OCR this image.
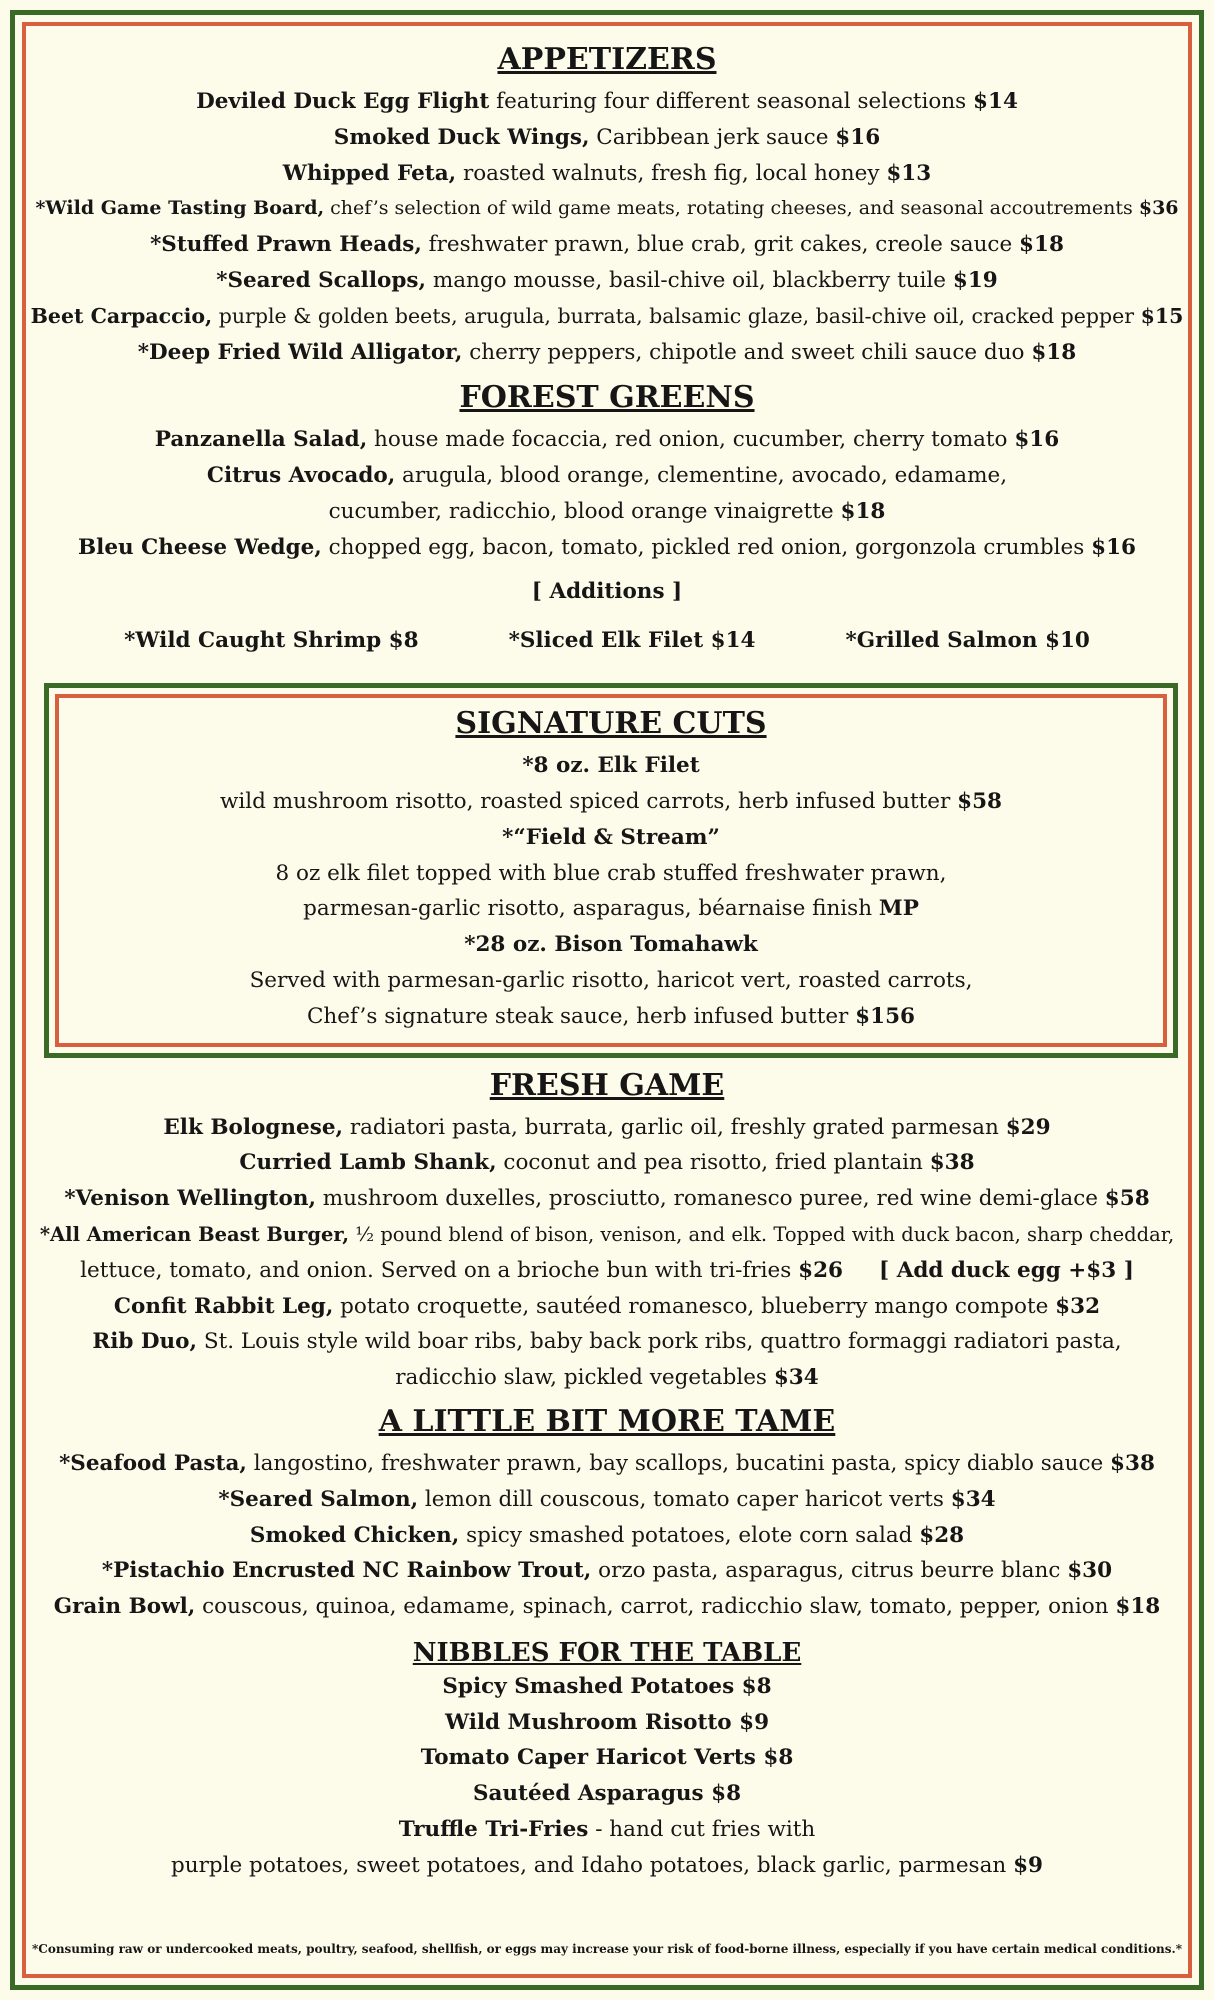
APPETIZERS
Deviled Duck Egg Flight featuring four different seasonal selections $14
Smoked Duck Wings, Caribbean jerk sauce $16
Whipped Feta, roasted walnuts, fresh fig, local honey $13
*Wild Game Tasting Board, chef’s selection of wild game meats, rotating cheeses, and seasonal accoutrements $36
*Stuffed Prawn Heads, freshwater prawn, blue crab, grit cakes, creole sauce $18
*Seared Scallops, mango mousse, basil-chive oil, blackberry tuile $19
Beet Carpaccio, purple & golden beets, arugula, burrata, balsamic glaze, basil-chive oil, cracked pepper $15
*Deep Fried Wild Alligator, cherry peppers, chipotle and sweet chili sauce duo $18
FOREST GREENS
Panzanella Salad, house made focaccia, red onion, cucumber, cherry tomato $16
Citrus Avocado, arugula, blood orange, clementine, avocado, edamame,
cucumber, radicchio, blood orange vinaigrette $18
Bleu Cheese Wedge, chopped egg, bacon, tomato, pickled red onion, gorgonzola crumbles $16
[ Additions ]
*Wild Caught Shrimp $8	*Sliced Elk Filet $14	*Grilled Salmon $10
SIGNATURE CUTS
*8 oz. Elk Filet
wild mushroom risotto, roasted spiced carrots, herb infused butter $58
*“Field & Stream”
8 oz elk filet topped with blue crab stuffed freshwater prawn,
parmesan-garlic risotto, asparagus, béarnaise finish MP
*28 oz. Bison Tomahawk
Served with parmesan-garlic risotto, haricot vert, roasted carrots,
Chef’s signature steak sauce, herb infused butter $156
FRESH GAME
Elk Bolognese, radiatori pasta, burrata, garlic oil, freshly grated parmesan $29
Curried Lamb Shank, coconut and pea risotto, fried plantain $38
*Venison Wellington, mushroom duxelles, prosciutto, romanesco puree, red wine demi-glace $58
*All American Beast Burger, ½ pound blend of bison, venison, and elk. Topped with duck bacon, sharp cheddar,
lettuce, tomato, and onion. Served on a brioche bun with tri-fries $26 [ Add duck egg +$3 ]
Confit Rabbit Leg, potato croquette, sautéed romanesco, blueberry mango compote $32
Rib Duo, St. Louis style wild boar ribs, baby back pork ribs, quattro formaggi radiatori pasta,
radicchio slaw, pickled vegetables $34
A LITTLE BIT MORE TAME
*Seafood Pasta, langostino, freshwater prawn, bay scallops, bucatini pasta, spicy diablo sauce $38
*Seared Salmon, lemon dill couscous, tomato caper haricot verts $34
Smoked Chicken, spicy smashed potatoes, elote corn salad $28
*Pistachio Encrusted NC Rainbow Trout, orzo pasta, asparagus, citrus beurre blanc $30
Grain Bowl, couscous, quinoa, edamame, spinach, carrot, radicchio slaw, tomato, pepper, onion $18
NIBBLES FOR THE TABLE
Spicy Smashed Potatoes $8
Wild Mushroom Risotto $9
Tomato Caper Haricot Verts $8
Sautéed Asparagus $8
Truffle Tri-Fries - hand cut fries with
purple potatoes, sweet potatoes, and Idaho potatoes, black garlic, parmesan $9
*Consuming raw or undercooked meats, poultry, seafood, shellfish, or eggs may increase your risk of food-borne illness, especially if you have certain medical conditions.*
